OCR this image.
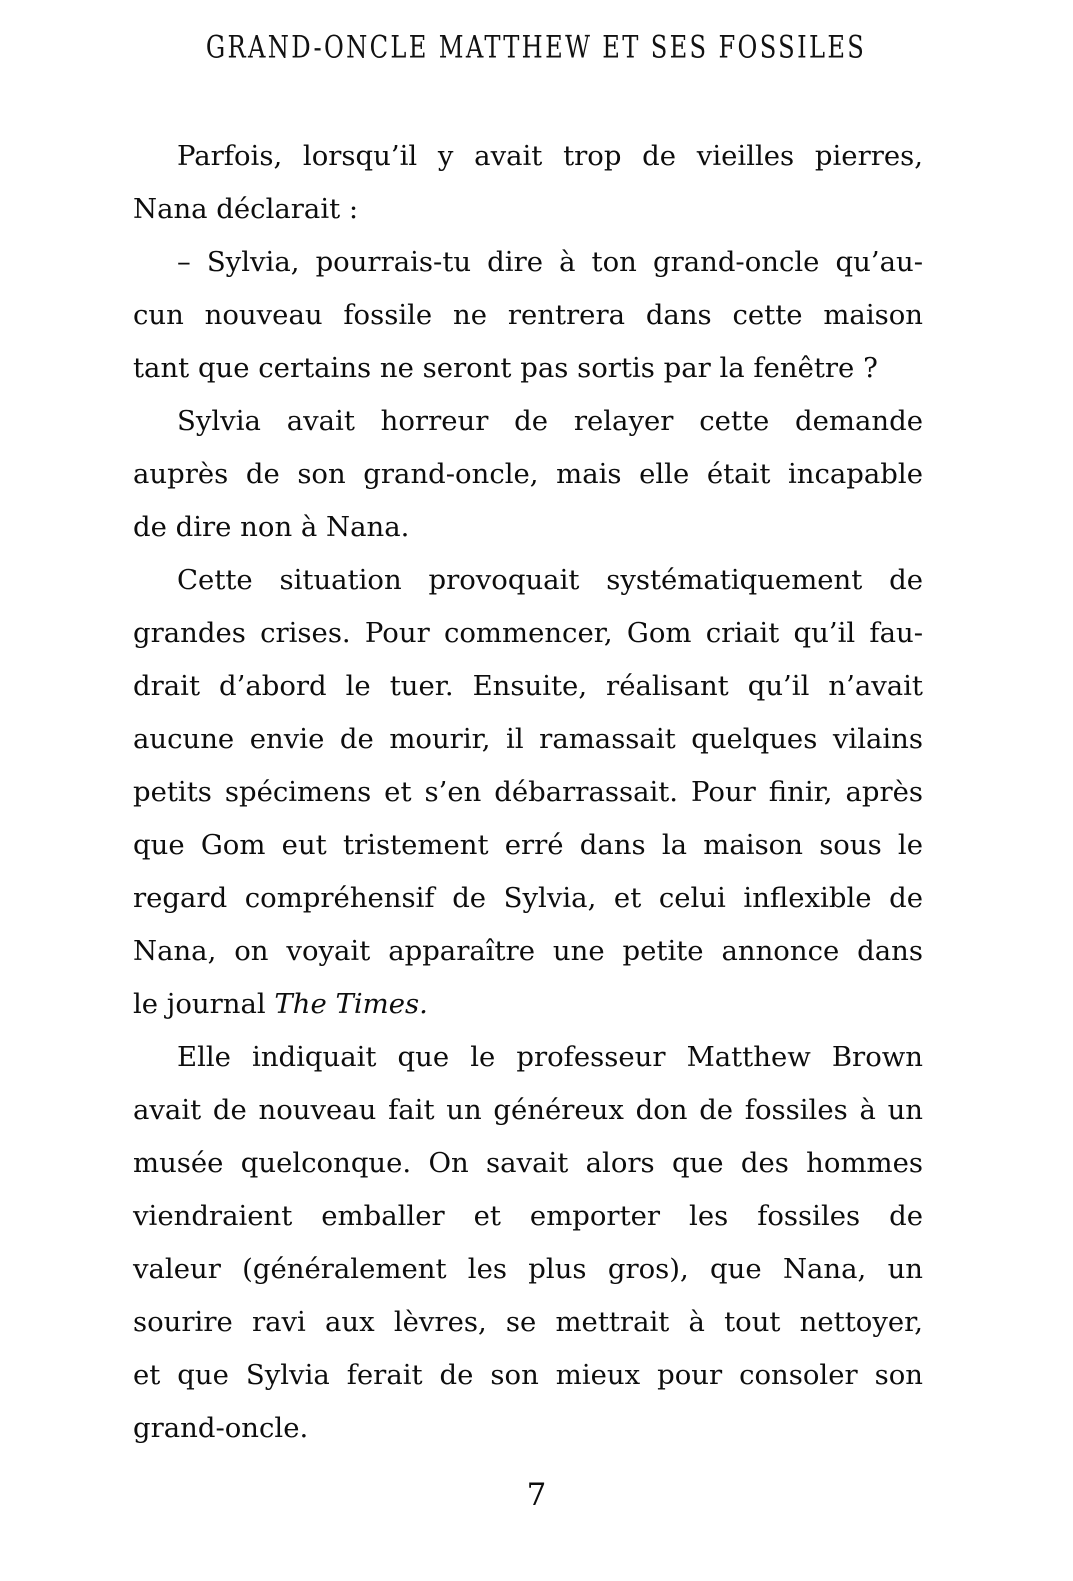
GRAND-ONCLE MATTHEW ET SES FOSSILES

Parfois, lorsqu’il y avait trop de vieilles pierres,
Nana déclarait :

– Sylvia, pourrais-tu dire à ton grand-oncle qu’au-
cun nouveau fossile ne rentrera dans cette maison
tant que certains ne seront pas sortis par la fenêtre ?

Sylvia avait horreur de relayer cette demande
auprès de son grand-oncle, mais elle était incapable
de dire non à Nana.

Cette situation provoquait systématiquement de
grandes crises. Pour commencer, Gom criait qu’il fau-
drait d’abord le tuer. Ensuite, réalisant qu’il n’avait
aucune envie de mourir, il ramassait quelques vilains
petits spécimens et s’en débarrassait. Pour finir, après
que Gom eut tristement erré dans la maison sous le
regard compréhensif de Sylvia, et celui inflexible de
Nana, on voyait apparaître une petite annonce dans
le journal The Times.

Elle indiquait que le professeur Matthew Brown
avait de nouveau fait un généreux don de fossiles à un
musée quelconque. On savait alors que des hommes
viendraient emballer et emporter les fossiles de
valeur (généralement les plus gros), que Nana, un
sourire ravi aux lèvres, se mettrait à tout nettoyer,
et que Sylvia ferait de son mieux pour consoler son
grand-oncle.

7
